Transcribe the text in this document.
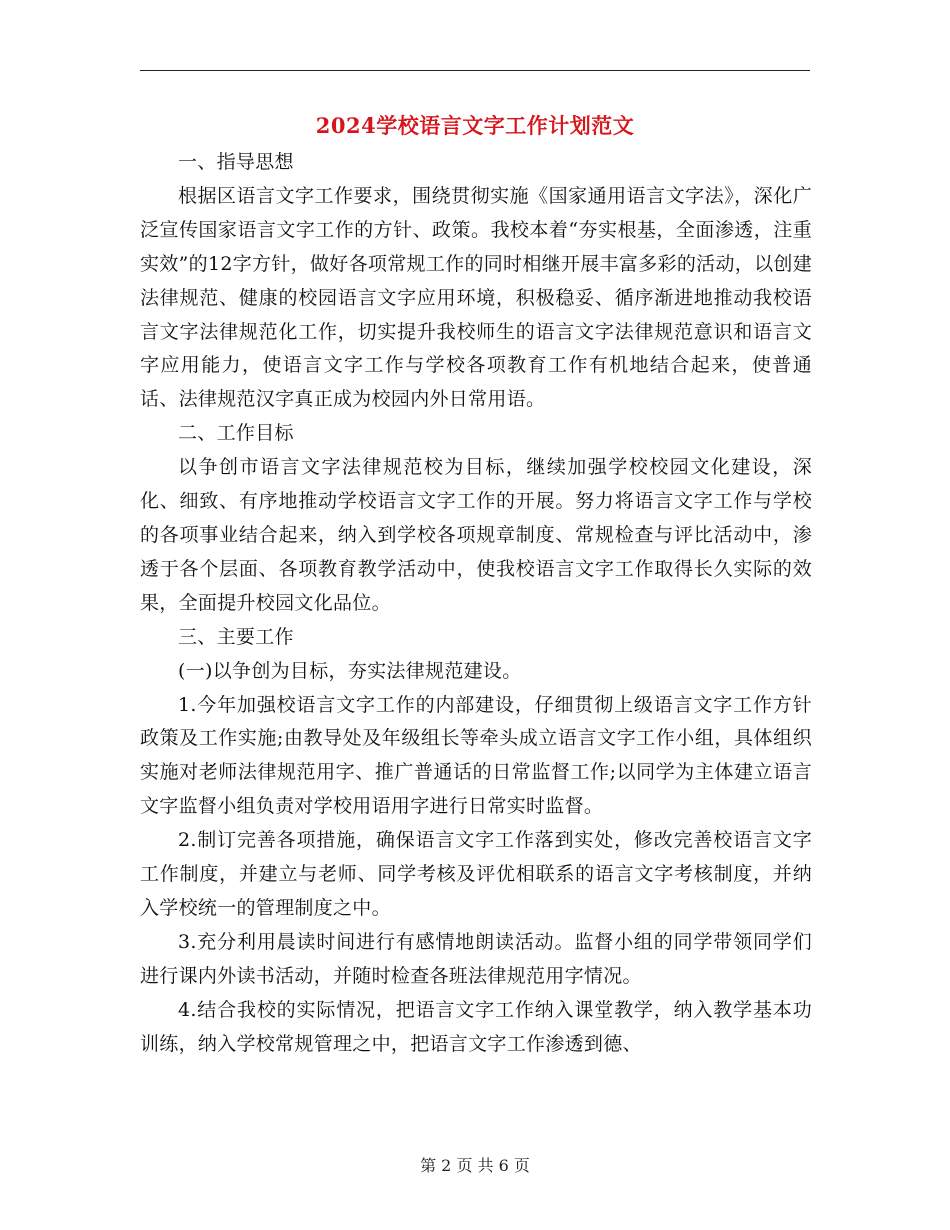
2024学校语言文字工作计划范文

一、指导思想

根据区语言文字工作要求，围绕贯彻实施《国家通用语言文字法》，深化广泛宣传国家语言文字工作的方针、政策。我校本着“夯实根基，全面渗透，注重实效”的12字方针，做好各项常规工作的同时相继开展丰富多彩的活动，以创建法律规范、健康的校园语言文字应用环境，积极稳妥、循序渐进地推动我校语言文字法律规范化工作，切实提升我校师生的语言文字法律规范意识和语言文字应用能力，使语言文字工作与学校各项教育工作有机地结合起来，使普通话、法律规范汉字真正成为校园内外日常用语。

二、工作目标

以争创市语言文字法律规范校为目标，继续加强学校校园文化建设，深化、细致、有序地推动学校语言文字工作的开展。努力将语言文字工作与学校的各项事业结合起来，纳入到学校各项规章制度、常规检查与评比活动中，渗透于各个层面、各项教育教学活动中，使我校语言文字工作取得长久实际的效果，全面提升校园文化品位。

三、主要工作

(一)以争创为目标，夯实法律规范建设。

1.今年加强校语言文字工作的内部建设，仔细贯彻上级语言文字工作方针政策及工作实施;由教导处及年级组长等牵头成立语言文字工作小组，具体组织实施对老师法律规范用字、推广普通话的日常监督工作;以同学为主体建立语言文字监督小组负责对学校用语用字进行日常实时监督。

2.制订完善各项措施，确保语言文字工作落到实处，修改完善校语言文字工作制度，并建立与老师、同学考核及评优相联系的语言文字考核制度，并纳入学校统一的管理制度之中。

3.充分利用晨读时间进行有感情地朗读活动。监督小组的同学带领同学们进行课内外读书活动，并随时检查各班法律规范用字情况。

4.结合我校的实际情况，把语言文字工作纳入课堂教学，纳入教学基本功训练，纳入学校常规管理之中，把语言文字工作渗透到德、

第 2 页 共 6 页
